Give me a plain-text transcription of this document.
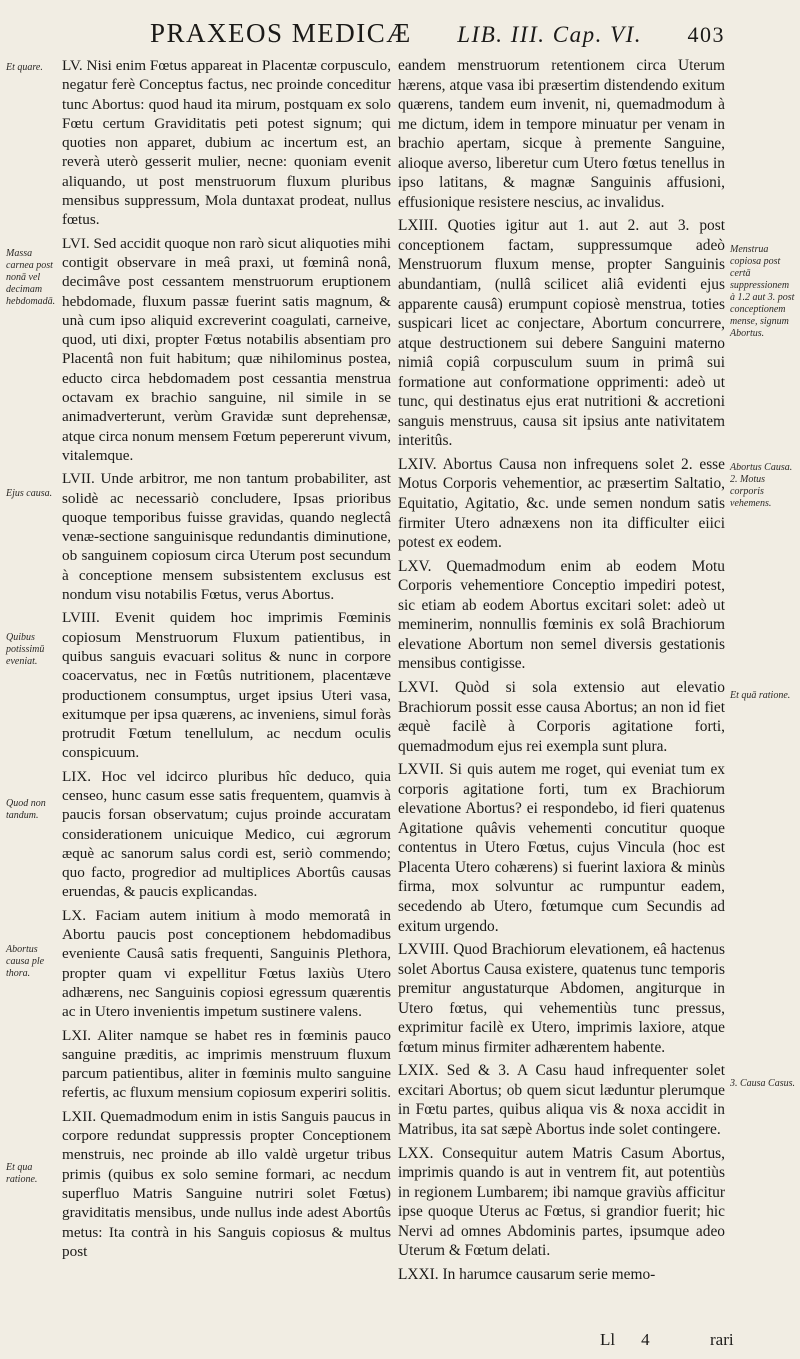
PRAXEOS MEDICÆ LIB. III. Cap. VI. 403
Et quare.
Massa carnea post nonā vel decimam hebdomadā.
Ejus causa.
Quibus potissimū eveniat.
Quod non tandum.
Abortus causa ple thora.
Et qua ratione.
Menstrua copiosa post certā suppressionem à 1.2 aut 3. post conceptionem mense, signum Abortus.
Abortus Causa. 2. Motus corporis vehemens.
Et quā ratione.
3. Causa Casus.
LV. Nisi enim Fœtus appareat in Placentæ corpusculo, negatur ferè Conceptus factus, nec proinde conceditur tunc Abortus: quod haud ita mirum, postquam ex solo Fœtu certum Graviditatis peti potest signum; qui quoties non apparet, dubium ac incertum est, an reverà uterò gesserit mulier, necne: quoniam evenit aliquando, ut post menstruorum fluxum pluribus mensibus suppressum, Mola duntaxat prodeat, nullus fœtus.
LVI. Sed accidit quoque non rarò sicut aliquoties mihi contigit observare in meâ praxi, ut fœminâ nonâ, decimâve post cessantem menstruorum eruptionem hebdomade, fluxum passæ fuerint satis magnum, & unà cum ipso aliquid excreverint coagulati, carneive, quod, uti dixi, propter Fœtus notabilis absentiam pro Placentâ non fuit habitum; quæ nihilominus postea, educto circa hebdomadem post cessantia menstrua octavam ex brachio sanguine, nil simile in se animadverterunt, verùm Gravidæ sunt deprehensæ, atque circa nonum mensem Fœtum pepererunt vivum, vitalemque.
LVII. Unde arbitror, me non tantum probabiliter, ast solidè ac necessariò concludere, Ipsas prioribus quoque temporibus fuisse gravidas, quando neglectâ venæ-sectione sanguinisque redundantis diminutione, ob sanguinem copiosum circa Uterum post secundum à conceptione mensem subsistentem exclusus est nondum visu notabilis Fœtus, verus Abortus.
LVIII. Evenit quidem hoc imprimis Fœminis copiosum Menstruorum Fluxum patientibus, in quibus sanguis evacuari solitus & nunc in corpore coacervatus, nec in Fœtûs nutritionem, placentæve productionem consumptus, urget ipsius Uteri vasa, exitumque per ipsa quærens, ac inveniens, simul foràs protrudit Fœtum tenellulum, ac necdum oculis conspicuum.
LIX. Hoc vel idcirco pluribus hîc deduco, quia censeo, hunc casum esse satis frequentem, quamvis à paucis forsan observatum; cujus proinde accuratam considerationem unicuique Medico, cui ægrorum æquè ac sanorum salus cordi est, seriò commendo; quo facto, progredior ad multiplices Abortûs causas eruendas, & paucis explicandas.
LX. Faciam autem initium à modo memoratâ in Abortu paucis post conceptionem hebdomadibus eveniente Causâ satis frequenti, Sanguinis Plethora, propter quam vi expellitur Fœtus laxiùs Utero adhærens, nec Sanguinis copiosi egressum quærentis ac in Utero invenientis impetum sustinere valens.
LXI. Aliter namque se habet res in fœminis pauco sanguine præditis, ac imprimis menstruum fluxum parcum patientibus, aliter in fœminis multo sanguine refertis, ac fluxum mensium copiosum experiri solitis.
LXII. Quemadmodum enim in istis Sanguis paucus in corpore redundat suppressis propter Conceptionem menstruis, nec proinde ab illo valdè urgetur tribus primis (quibus ex solo semine formari, ac necdum superfluo Matris Sanguine nutriri solet Fœtus) graviditatis mensibus, unde nullus inde adest Abortûs metus: Ita contrà in his Sanguis copiosus & multus post
eandem menstruorum retentionem circa Uterum hærens, atque vasa ibi præsertim distendendo exitum quærens, tandem eum invenit, ni, quemadmodum à me dictum, idem in tempore minuatur per venam in brachio apertam, sicque à premente Sanguine, alioque averso, liberetur cum Utero fœtus tenellus in ipso latitans, & magnæ Sanguinis affusioni, effusionique resistere nescius, ac invalidus.
LXIII. Quoties igitur aut 1. aut 2. aut 3. post conceptionem factam, suppressumque adeò Menstruorum fluxum mense, propter Sanguinis abundantiam, (nullâ scilicet aliâ evidenti ejus apparente causâ) erumpunt copiosè menstrua, toties suspicari licet ac conjectare, Abortum concurrere, atque destructionem sui debere Sanguini materno nimiâ copiâ corpusculum suum in primâ sui formatione aut conformatione opprimenti: adeò ut tunc, qui destinatus ejus erat nutritioni & accretioni sanguis menstruus, causa sit ipsius ante nativitatem interitûs.
LXIV. Abortus Causa non infrequens solet 2. esse Motus Corporis vehementior, ac præsertim Saltatio, Equitatio, Agitatio, &c. unde semen nondum satis firmiter Utero adnæxens non ita difficulter eiici potest ex eodem.
LXV. Quemadmodum enim ab eodem Motu Corporis vehementiore Conceptio impediri potest, sic etiam ab eodem Abortus excitari solet: adeò ut meminerim, nonnullis fœminis ex solâ Brachiorum elevatione Abortum non semel diversis gestationis mensibus contigisse.
LXVI. Quòd si sola extensio aut elevatio Brachiorum possit esse causa Abortus; an non id fiet æquè facilè à Corporis agitatione forti, quemadmodum ejus rei exempla sunt plura.
LXVII. Si quis autem me roget, qui eveniat tum ex corporis agitatione forti, tum ex Brachiorum elevatione Abortus? ei respondebo, id fieri quatenus Agitatione quâvis vehementi concutitur quoque contentus in Utero Fœtus, cujus Vincula (hoc est Placenta Utero cohærens) si fuerint laxiora & minùs firma, mox solvuntur ac rumpuntur eadem, secedendo ab Utero, fœtumque cum Secundis ad exitum urgendo.
LXVIII. Quod Brachiorum elevationem, eâ hactenus solet Abortus Causa existere, quatenus tunc temporis premitur angustaturque Abdomen, angiturque in Utero fœtus, qui vehementiùs tunc pressus, exprimitur facilè ex Utero, imprimis laxiore, atque fœtum minus firmiter adhærentem habente.
LXIX. Sed & 3. A Casu haud infrequenter solet excitari Abortus; ob quem sicut læduntur plerumque in Fœtu partes, quibus aliqua vis & noxa accidit in Matribus, ita sat sæpè Abortus inde solet contingere.
LXX. Consequitur autem Matris Casum Abortus, imprimis quando is aut in ventrem fit, aut potentiùs in regionem Lumbarem; ibi namque graviùs afficitur ipse quoque Uterus ac Fœtus, si grandior fuerit; hic Nervi ad omnes Abdominis partes, ipsumque adeo Uterum & Fœtum delati.
LXXI. In harumce causarum serie memo-
Ll 4	rari
